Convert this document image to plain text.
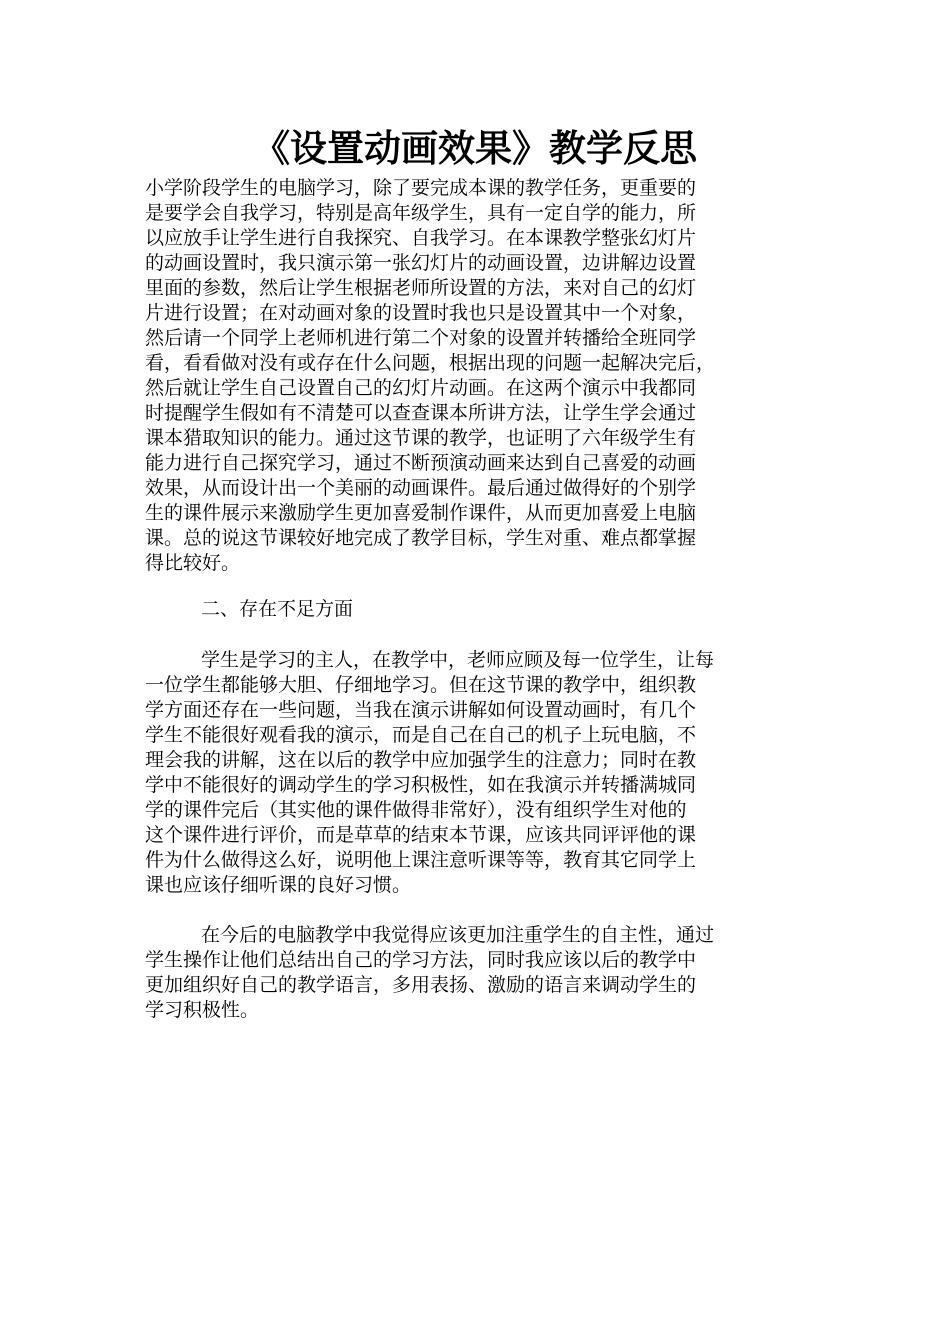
《设置动画效果》教学反思
小学阶段学生的电脑学习，除了要完成本课的教学任务，更重要的
是要学会自我学习，特别是高年级学生，具有一定自学的能力，所
以应放手让学生进行自我探究、自我学习。在本课教学整张幻灯片
的动画设置时，我只演示第一张幻灯片的动画设置，边讲解边设置
里面的参数，然后让学生根据老师所设置的方法，来对自己的幻灯
片进行设置；在对动画对象的设置时我也只是设置其中一个对象，
然后请一个同学上老师机进行第二个对象的设置并转播给全班同学
看，看看做对没有或存在什么问题，根据出现的问题一起解决完后，
然后就让学生自己设置自己的幻灯片动画。在这两个演示中我都同
时提醒学生假如有不清楚可以查查课本所讲方法，让学生学会通过
课本猎取知识的能力。通过这节课的教学，也证明了六年级学生有
能力进行自己探究学习，通过不断预演动画来达到自己喜爱的动画
效果，从而设计出一个美丽的动画课件。最后通过做得好的个别学
生的课件展示来激励学生更加喜爱制作课件，从而更加喜爱上电脑
课。总的说这节课较好地完成了教学目标，学生对重、难点都掌握
得比较好。
二、存在不足方面
学生是学习的主人，在教学中，老师应顾及每一位学生，让每
一位学生都能够大胆、仔细地学习。但在这节课的教学中，组织教
学方面还存在一些问题，当我在演示讲解如何设置动画时，有几个
学生不能很好观看我的演示，而是自己在自己的机子上玩电脑，不
理会我的讲解，这在以后的教学中应加强学生的注意力；同时在教
学中不能很好的调动学生的学习积极性，如在我演示并转播满城同
学的课件完后（其实他的课件做得非常好），没有组织学生对他的
这个课件进行评价，而是草草的结束本节课，应该共同评评他的课
件为什么做得这么好，说明他上课注意听课等等，教育其它同学上
课也应该仔细听课的良好习惯。
在今后的电脑教学中我觉得应该更加注重学生的自主性，通过
学生操作让他们总结出自己的学习方法，同时我应该以后的教学中
更加组织好自己的教学语言，多用表扬、激励的语言来调动学生的
学习积极性。
